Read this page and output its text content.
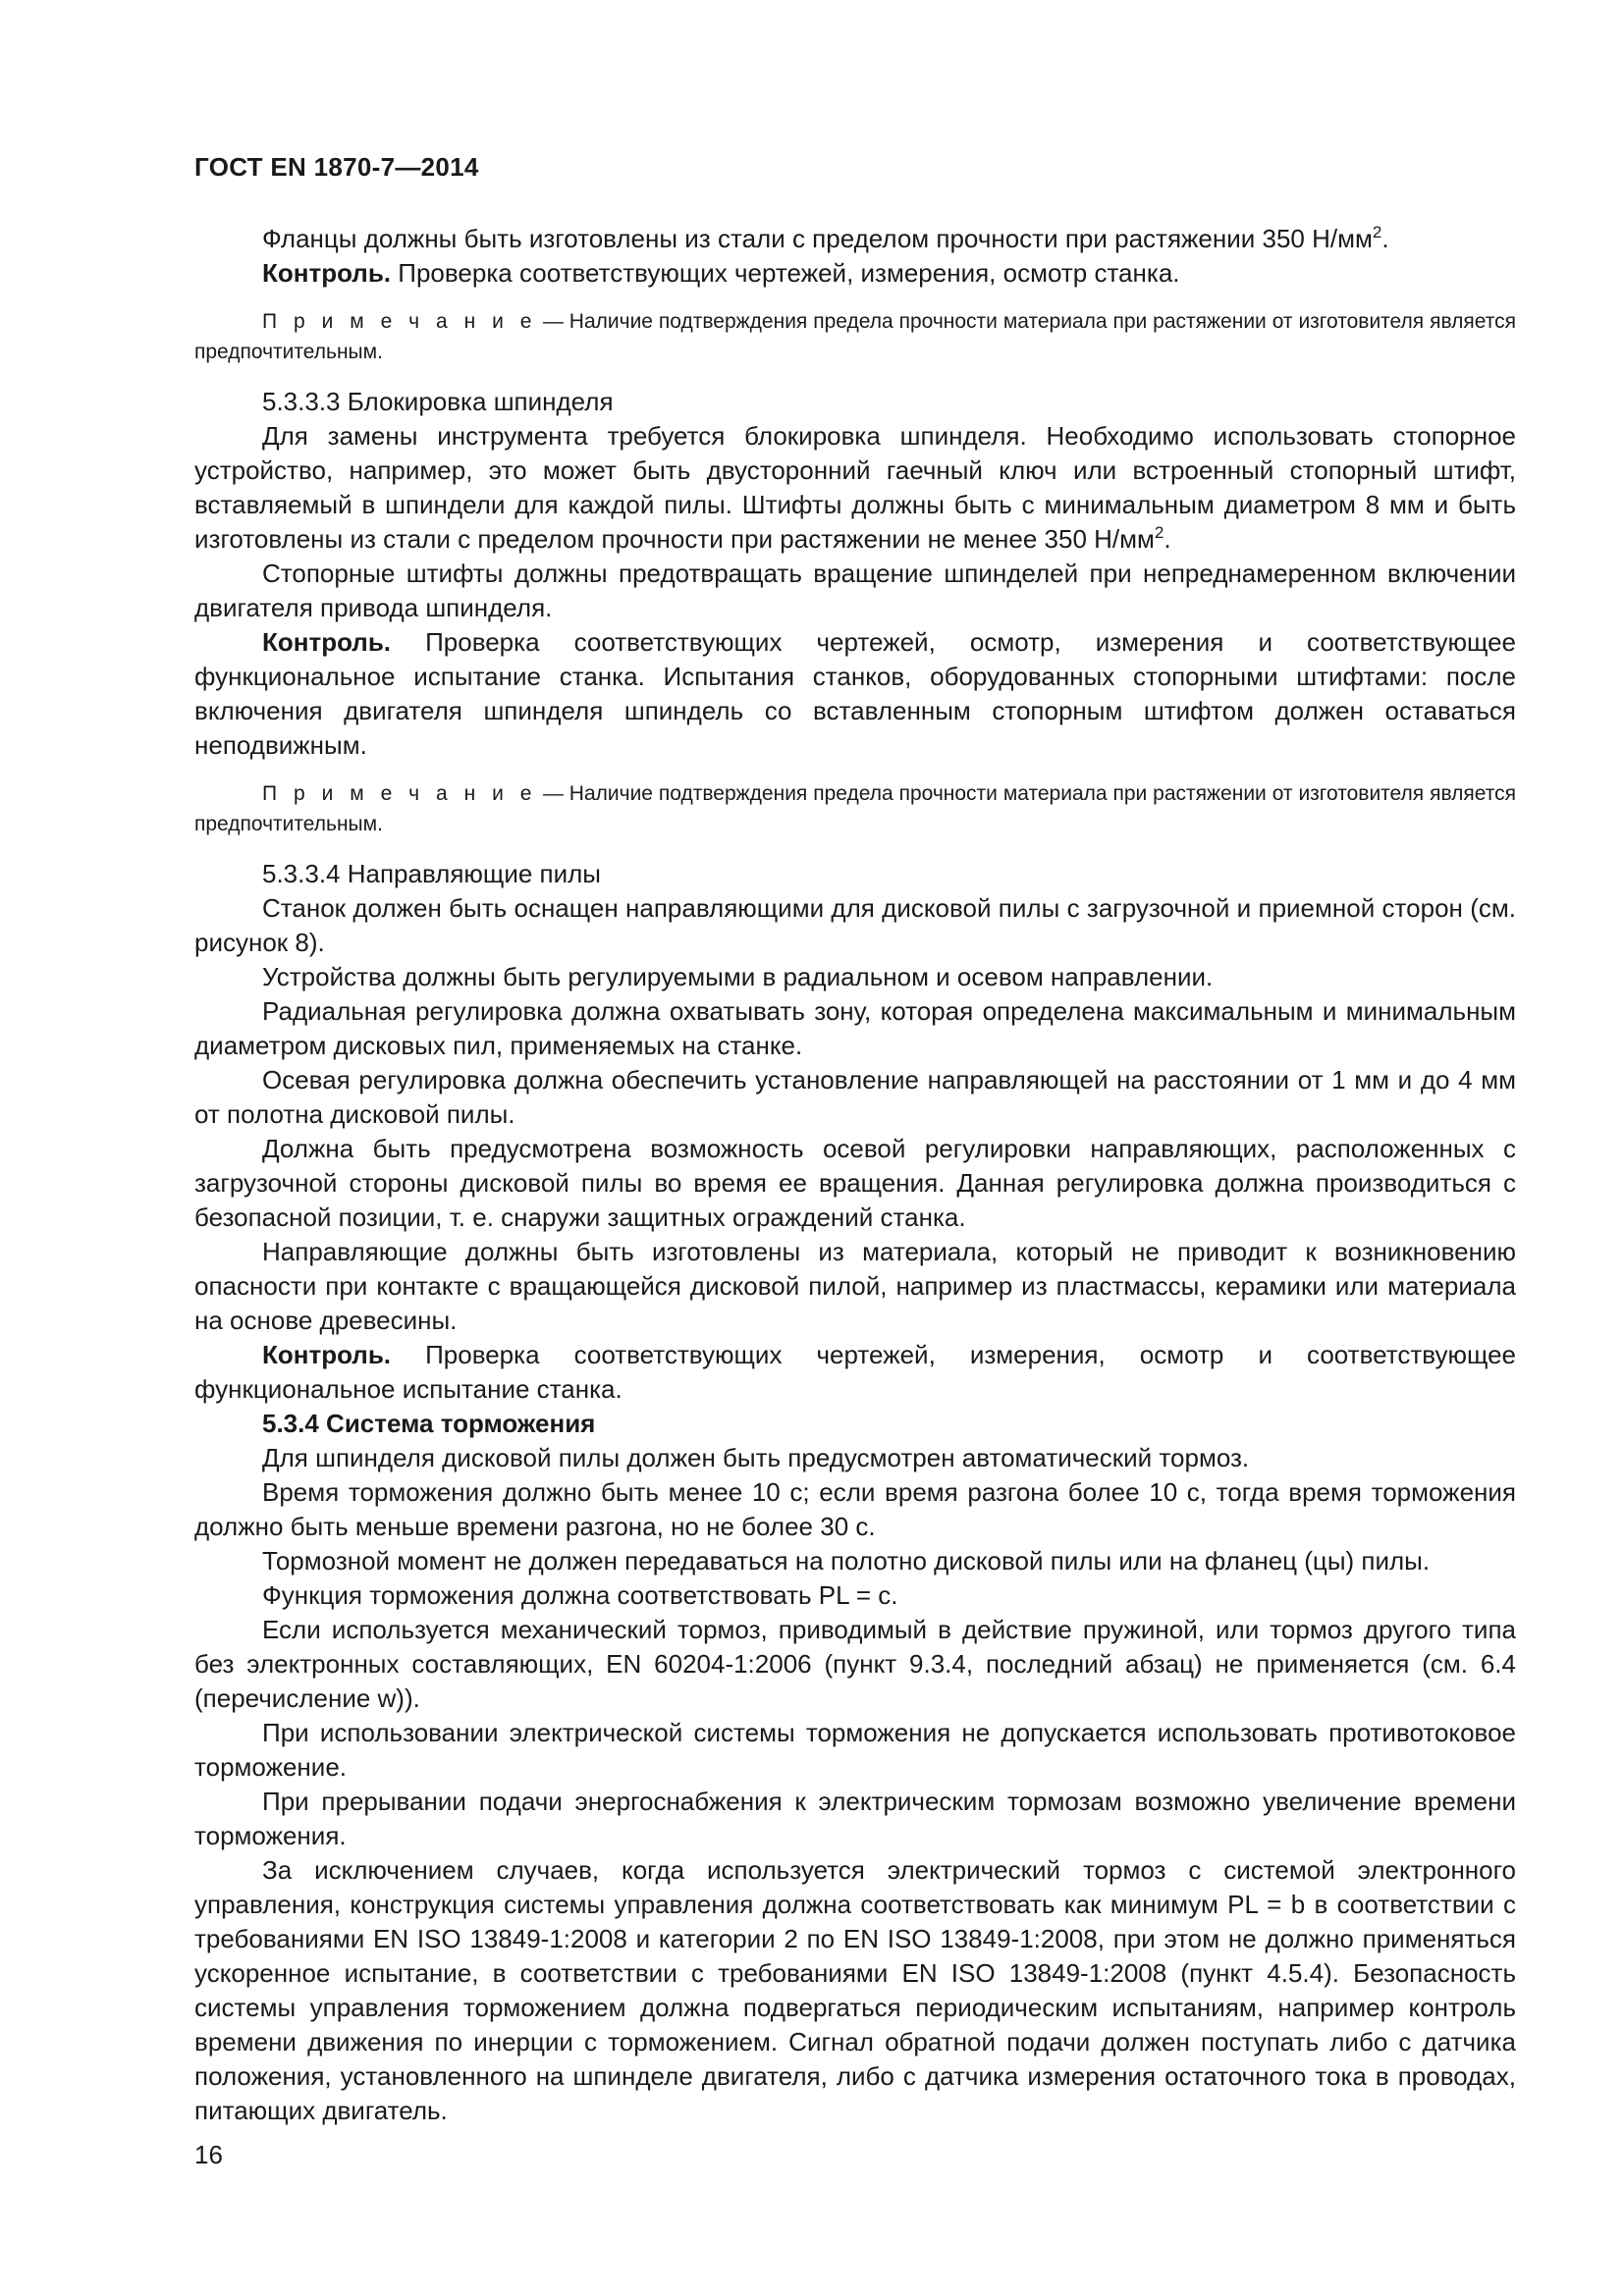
ГОСТ EN 1870-7—2014

Фланцы должны быть изготовлены из стали с пределом прочности при растяжении 350 $Н/мм^2$.

Контроль. Проверка соответствующих чертежей, измерения, осмотр станка.

П р и м е ч а н и е — Наличие подтверждения предела прочности материала при растяжении от изготовителя является предпочтительным.

5.3.3.3 Блокировка шпинделя

Для замены инструмента требуется блокировка шпинделя. Необходимо использовать стопорное устройство, например, это может быть двусторонний гаечный ключ или встроенный стопорный штифт, вставляемый в шпиндели для каждой пилы. Штифты должны быть с минимальным диаметром 8 мм и быть изготовлены из стали с пределом прочности при растяжении не менее 350 $Н/мм^2$.

Стопорные штифты должны предотвращать вращение шпинделей при непреднамеренном включении двигателя привода шпинделя.

Контроль. Проверка соответствующих чертежей, осмотр, измерения и соответствующее функциональное испытание станка. Испытания станков, оборудованных стопорными штифтами: после включения двигателя шпинделя шпиндель со вставленным стопорным штифтом должен оставаться неподвижным.

П р и м е ч а н и е — Наличие подтверждения предела прочности материала при растяжении от изготовителя является предпочтительным.

5.3.3.4 Направляющие пилы

Станок должен быть оснащен направляющими для дисковой пилы с загрузочной и приемной сторон (см. рисунок 8).

Устройства должны быть регулируемыми в радиальном и осевом направлении.

Радиальная регулировка должна охватывать зону, которая определена максимальным и минимальным диаметром дисковых пил, применяемых на станке.

Осевая регулировка должна обеспечить установление направляющей на расстоянии от 1 мм и до 4 мм от полотна дисковой пилы.

Должна быть предусмотрена возможность осевой регулировки направляющих, расположенных с загрузочной стороны дисковой пилы во время ее вращения. Данная регулировка должна производиться с безопасной позиции, т. е. снаружи защитных ограждений станка.

Направляющие должны быть изготовлены из материала, который не приводит к возникновению опасности при контакте с вращающейся дисковой пилой, например из пластмассы, керамики или материала на основе древесины.

Контроль. Проверка соответствующих чертежей, измерения, осмотр и соответствующее функциональное испытание станка.

5.3.4 Система торможения

Для шпинделя дисковой пилы должен быть предусмотрен автоматический тормоз.

Время торможения должно быть менее 10 с; если время разгона более 10 с, тогда время торможения должно быть меньше времени разгона, но не более 30 с.

Тормозной момент не должен передаваться на полотно дисковой пилы или на фланец (цы) пилы.

Функция торможения должна соответствовать PL = c.

Если используется механический тормоз, приводимый в действие пружиной, или тормоз другого типа без электронных составляющих, EN 60204-1:2006 (пункт 9.3.4, последний абзац) не применяется (см. 6.4 (перечисление w)).

При использовании электрической системы торможения не допускается использовать противотоковое торможение.

При прерывании подачи энергоснабжения к электрическим тормозам возможно увеличение времени торможения.

За исключением случаев, когда используется электрический тормоз с системой электронного управления, конструкция системы управления должна соответствовать как минимум PL = b в соответствии с требованиями EN ISO 13849-1:2008 и категории 2 по EN ISO 13849-1:2008, при этом не должно применяться ускоренное испытание, в соответствии с требованиями EN ISO 13849-1:2008 (пункт 4.5.4). Безопасность системы управления торможением должна подвергаться периодическим испытаниям, например контроль времени движения по инерции с торможением. Сигнал обратной подачи должен поступать либо с датчика положения, установленного на шпинделе двигателя, либо с датчика измерения остаточного тока в проводах, питающих двигатель.

16
